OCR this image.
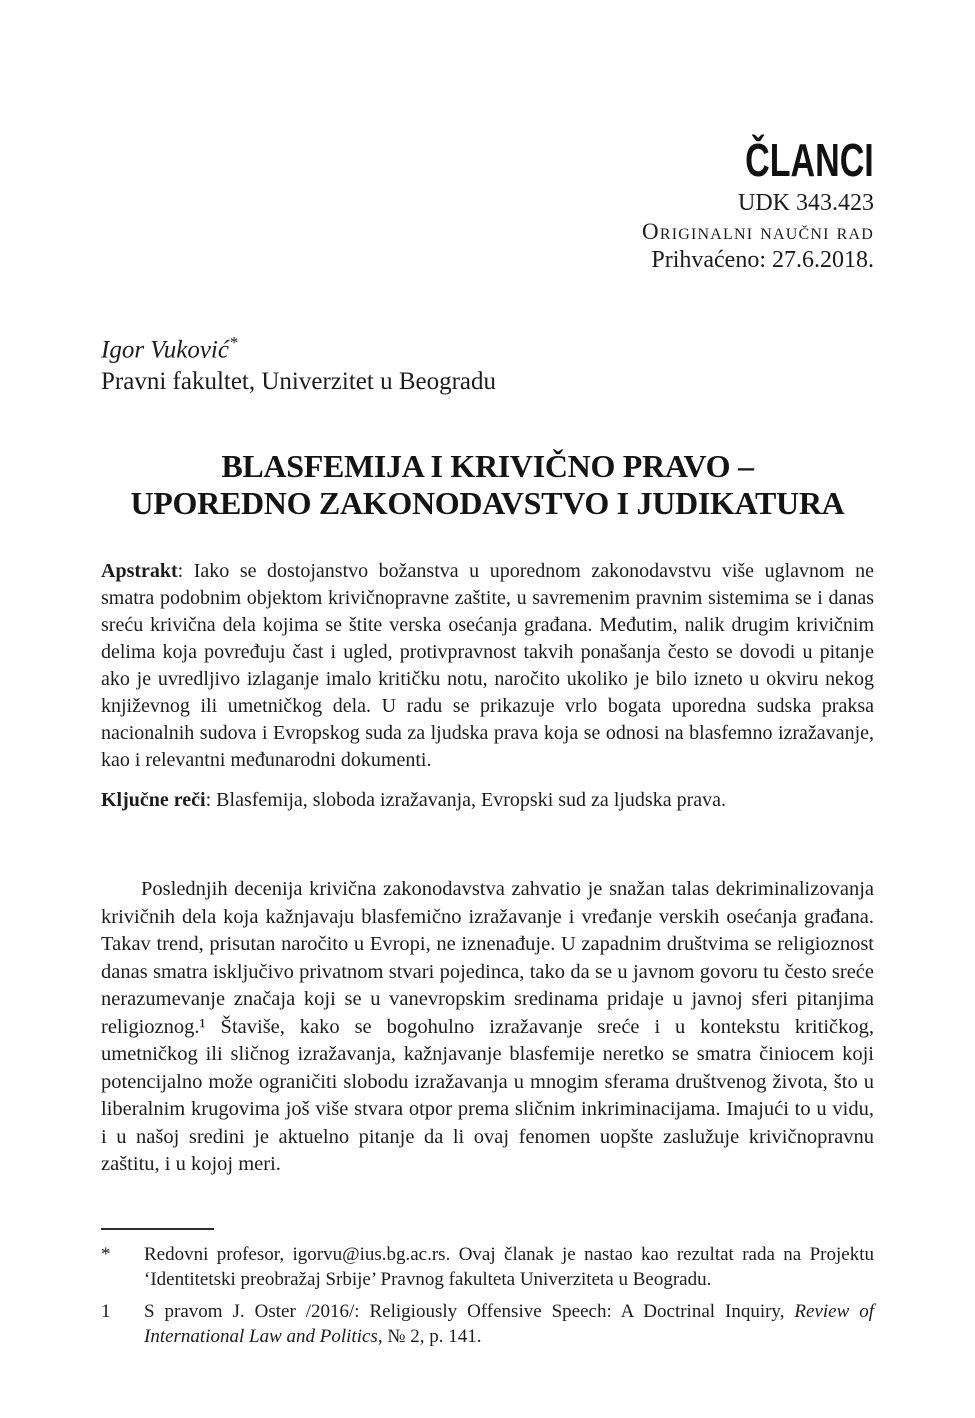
ČLANCI
UDK 343.423
Originalni naučni rad
Prihvaćeno: 27.6.2018.
Igor Vuković*
Pravni fakultet, Univerzitet u Beogradu
BLASFEMIJA I KRIVIČNO PRAVO –
UPOREDNO ZAKONODAVSTVO I JUDIKATURA
Apstrakt: Iako se dostojanstvo božanstva u uporednom zakonodavstvu više uglavnom ne smatra podobnim objektom krivičnopravne zaštite, u savremenim pravnim sistemima se i danas sreću krivična dela kojima se štite verska osećanja građana. Međutim, nalik drugim krivičnim delima koja povređuju čast i ugled, protivpravnost takvih ponašanja često se dovodi u pitanje ako je uvredljivo izlaganje imalo kritičku notu, naročito ukoliko je bilo izneto u okviru nekog književnog ili umetničkog dela. U radu se prikazuje vrlo bogata uporedna sudska praksa nacionalnih sudova i Evropskog suda za ljudska prava koja se odnosi na blasfemno izražavanje, kao i relevantni međunarodni dokumenti.
Ključne reči: Blasfemija, sloboda izražavanja, Evropski sud za ljudska prava.

Poslednjih decenija krivična zakonodavstva zahvatio je snažan talas dekriminalizovanja krivičnih dela koja kažnjavaju blasfemično izražavanje i vređanje verskih osećanja građana. Takav trend, prisutan naročito u Evropi, ne iznenađuje. U zapadnim društvima se religioznost danas smatra isključivo privatnom stvari pojedinca, tako da se u javnom govoru tu često sreće nerazumevanje značaja koji se u vanevropskim sredinama pridaje u javnoj sferi pitanjima religioznog.¹ Štaviše, kako se bogohulno izražavanje sreće i u kontekstu kritičkog, umetničkog ili sličnog izražavanja, kažnjavanje blasfemije neretko se smatra činiocem koji potencijalno može ograničiti slobodu izražavanja u mnogim sferama društvenog života, što u liberalnim krugovima još više stvara otpor prema sličnim inkriminacijama. Imajući to u vidu, i u našoj sredini je aktuelno pitanje da li ovaj fenomen uopšte zaslužuje krivičnopravnu zaštitu, i u kojoj meri.

*	Redovni profesor, igorvu@ius.bg.ac.rs. Ovaj članak je nastao kao rezultat rada na Projektu ‘Identitetski preobražaj Srbije’ Pravnog fakulteta Univerziteta u Beogradu.
1	S pravom J. Oster /2016/: Religiously Offensive Speech: A Doctrinal Inquiry, Review of International Law and Politics, № 2, p. 141.
